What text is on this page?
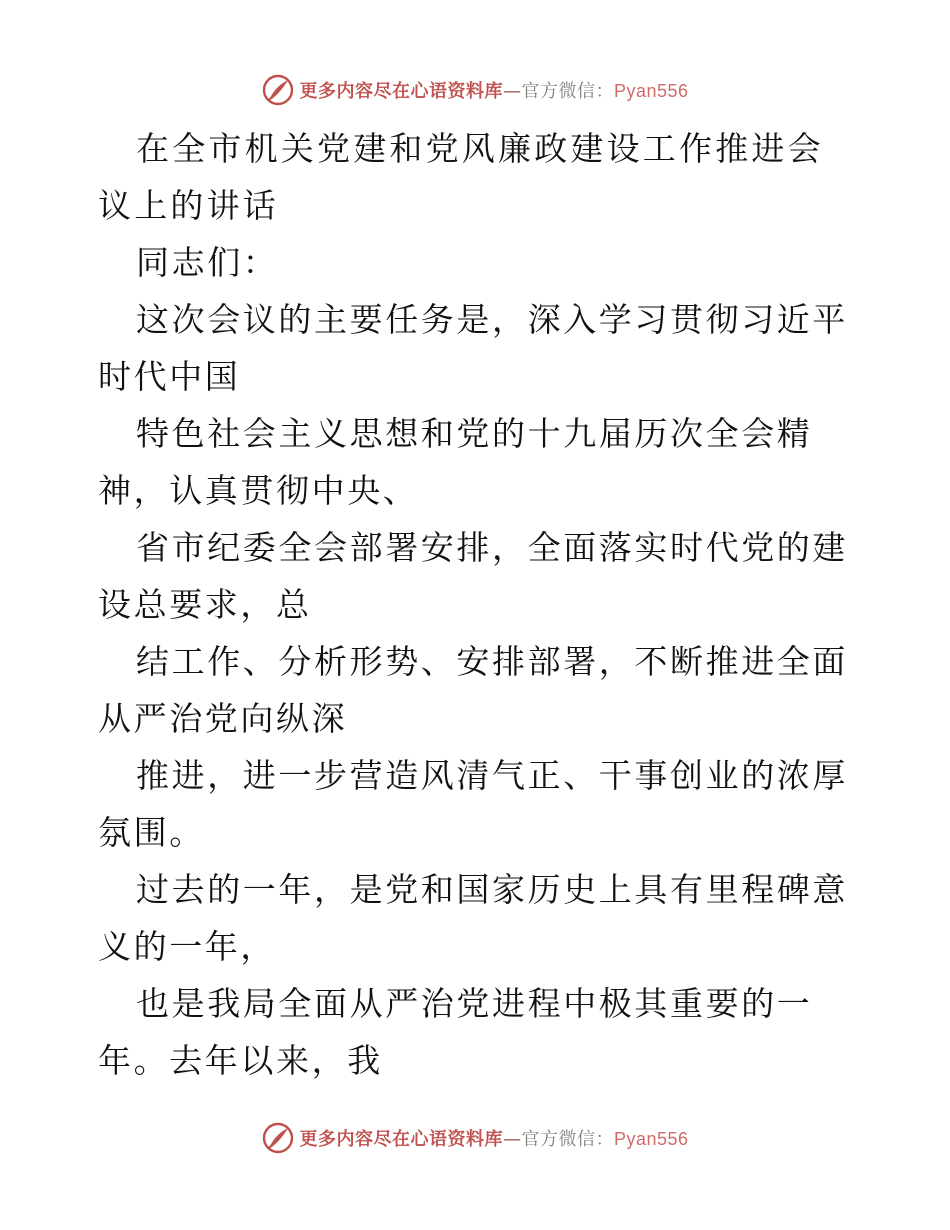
更多内容尽在心语资料库—官方微信：Pyan556

在全市机关党建和党风廉政建设工作推进会议上的讲话

同志们：

这次会议的主要任务是，深入学习贯彻习近平时代中国

特色社会主义思想和党的十九届历次全会精神，认真贯彻中央、

省市纪委全会部署安排，全面落实时代党的建设总要求，总

结工作、分析形势、安排部署，不断推进全面从严治党向纵深

推进，进一步营造风清气正、干事创业的浓厚氛围。

过去的一年，是党和国家历史上具有里程碑意义的一年，

也是我局全面从严治党进程中极其重要的一年。去年以来，我

更多内容尽在心语资料库—官方微信：Pyan556
